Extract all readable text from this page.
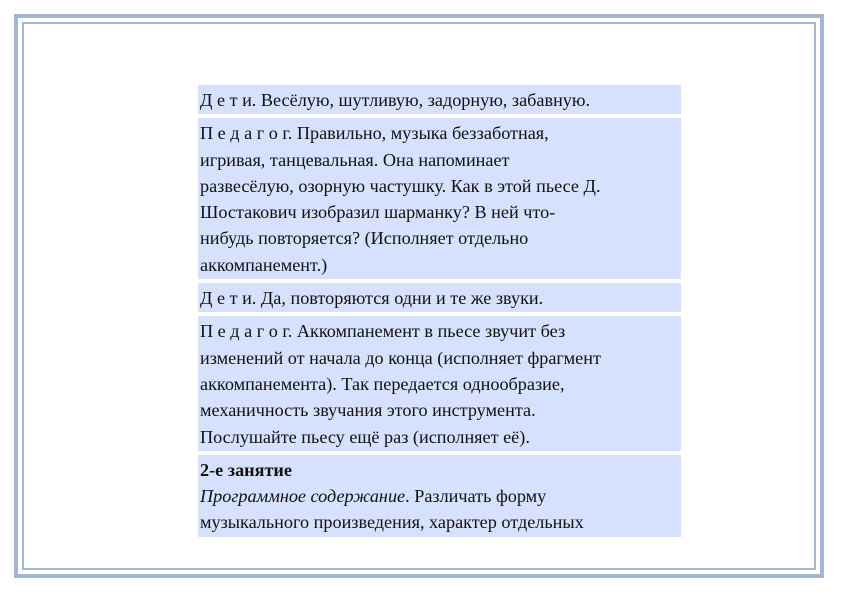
Д е т и. Весёлую, шутливую, задорную, забавную.
П е д а г о г. Правильно, музыка беззаботная,
игривая, танцевальная. Она напоминает
развесёлую, озорную частушку. Как в этой пьесе Д.
Шостакович изобразил шарманку? В ней что-
нибудь повторяется? (Исполняет отдельно
аккомпанемент.)
Д е т и. Да, повторяются одни и те же звуки.
П е д а г о г. Аккомпанемент в пьесе звучит без
изменений от начала до конца (исполняет фрагмент
аккомпанемента). Так передается однообразие,
механичность звучания этого инструмента.
Послушайте пьесу ещё раз (исполняет её).
2-е занятие
Программное содержание. Различать форму
музыкального произведения, характер отдельных
